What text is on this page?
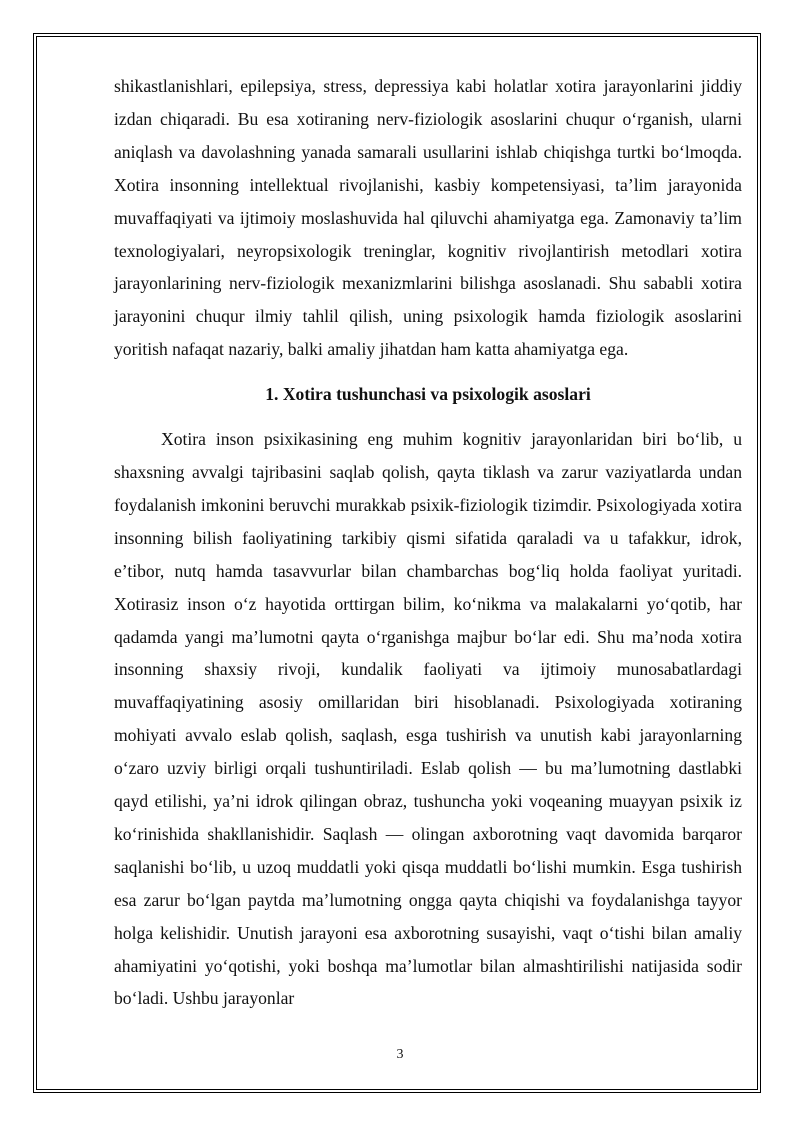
shikastlanishlari, epilepsiya, stress, depressiya kabi holatlar xotira jarayonlarini jiddiy izdan chiqaradi. Bu esa xotiraning nerv-fiziologik asoslarini chuqur o‘rganish, ularni aniqlash va davolashning yanada samarali usullarini ishlab chiqishga turtki bo‘lmoqda. Xotira insonning intellektual rivojlanishi, kasbiy kompetensiyasi, ta’lim jarayonida muvaffaqiyati va ijtimoiy moslashuvida hal qiluvchi ahamiyatga ega. Zamonaviy ta’lim texnologiyalari, neyropsixologik treninglar, kognitiv rivojlantirish metodlari xotira jarayonlarining nerv-fiziologik mexanizmlarini bilishga asoslanadi. Shu sababli xotira jarayonini chuqur ilmiy tahlil qilish, uning psixologik hamda fiziologik asoslarini yoritish nafaqat nazariy, balki amaliy jihatdan ham katta ahamiyatga ega.

1. Xotira tushunchasi va psixologik asoslari

Xotira inson psixikasining eng muhim kognitiv jarayonlaridan biri bo‘lib, u shaxsning avvalgi tajribasini saqlab qolish, qayta tiklash va zarur vaziyatlarda undan foydalanish imkonini beruvchi murakkab psixik-fiziologik tizimdir. Psixologiyada xotira insonning bilish faoliyatining tarkibiy qismi sifatida qaraladi va u tafakkur, idrok, e’tibor, nutq hamda tasavvurlar bilan chambarchas bog‘liq holda faoliyat yuritadi. Xotirasiz inson o‘z hayotida orttirgan bilim, ko‘nikma va malakalarni yo‘qotib, har qadamda yangi ma’lumotni qayta o‘rganishga majbur bo‘lar edi. Shu ma’noda xotira insonning shaxsiy rivoji, kundalik faoliyati va ijtimoiy munosabatlardagi muvaffaqiyatining asosiy omillaridan biri hisoblanadi. Psixologiyada xotiraning mohiyati avvalo eslab qolish, saqlash, esga tushirish va unutish kabi jarayonlarning o‘zaro uzviy birligi orqali tushuntiriladi. Eslab qolish — bu ma’lumotning dastlabki qayd etilishi, ya’ni idrok qilingan obraz, tushuncha yoki voqeaning muayyan psixik iz ko‘rinishida shakllanishidir. Saqlash — olingan axborotning vaqt davomida barqaror saqlanishi bo‘lib, u uzoq muddatli yoki qisqa muddatli bo‘lishi mumkin. Esga tushirish esa zarur bo‘lgan paytda ma’lumotning ongga qayta chiqishi va foydalanishga tayyor holga kelishidir. Unutish jarayoni esa axborotning susayishi, vaqt o‘tishi bilan amaliy ahamiyatini yo‘qotishi, yoki boshqa ma’lumotlar bilan almashtirilishi natijasida sodir bo‘ladi. Ushbu jarayonlar

3
